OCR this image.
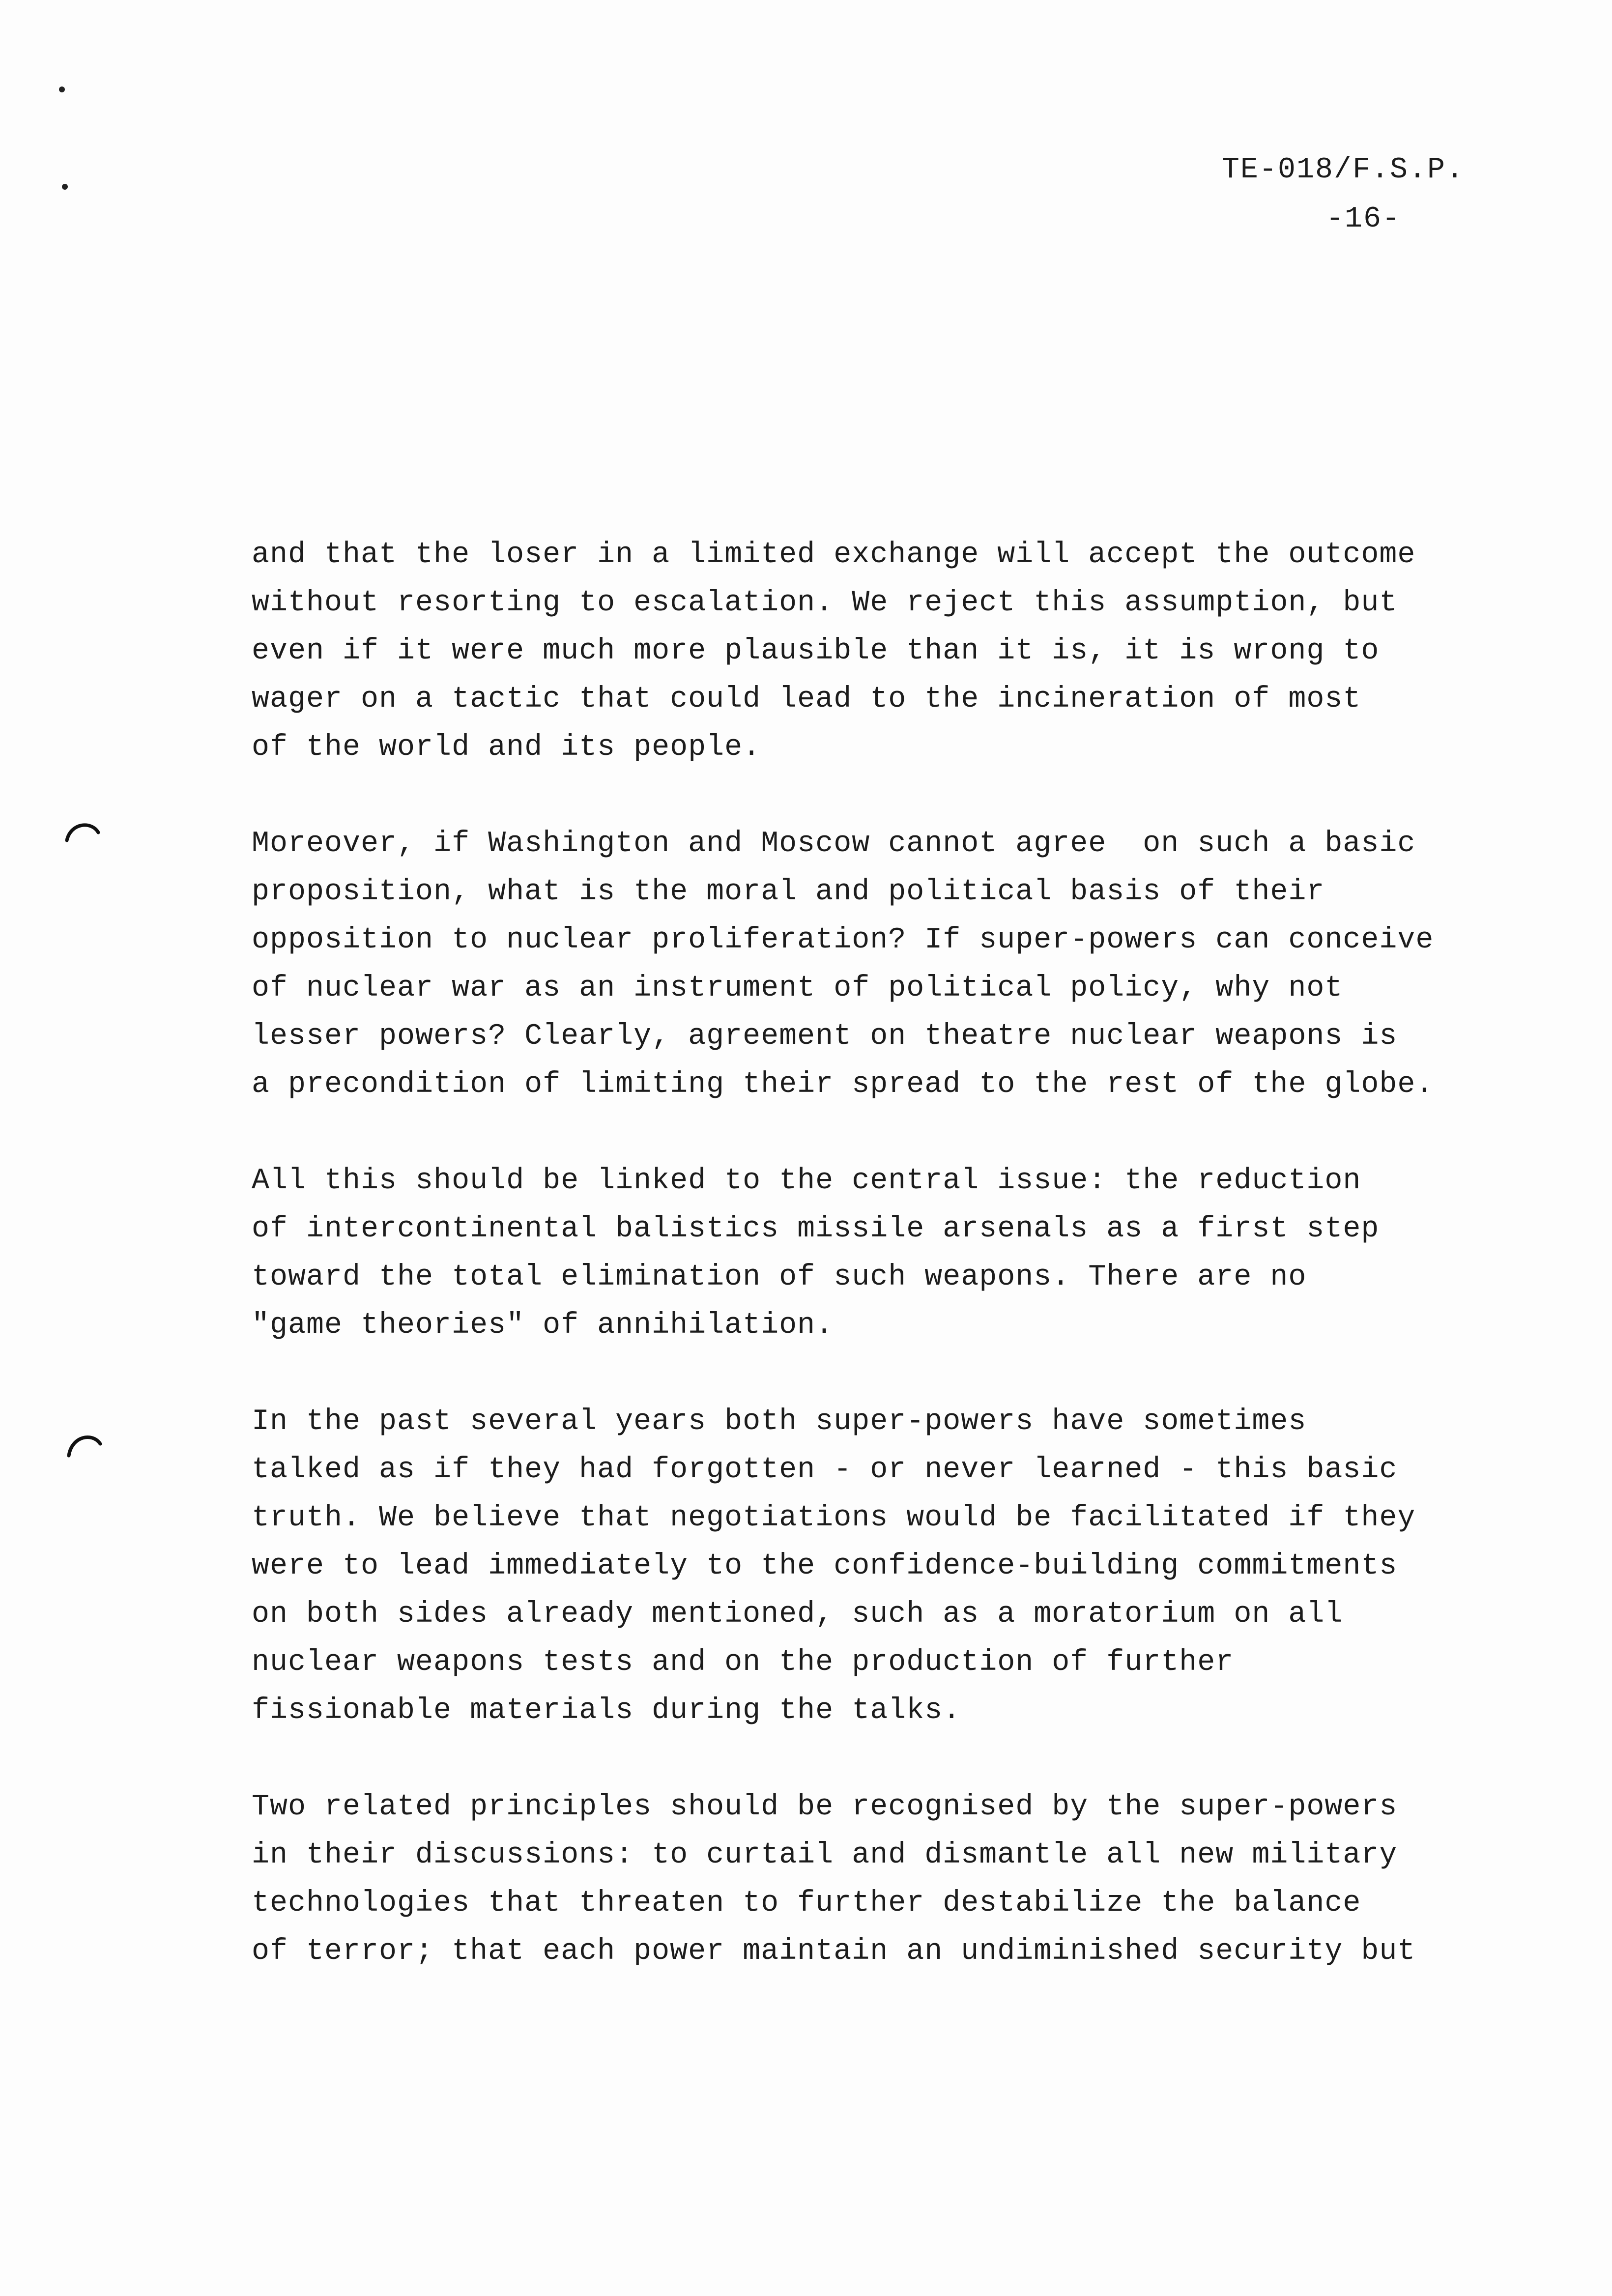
TE-018/F.S.P.
-16-
and that the loser in a limited exchange will accept the outcome
without resorting to escalation. We reject this assumption, but
even if it were much more plausible than it is, it is wrong to
wager on a tactic that could lead to the incineration of most
of the world and its people.
Moreover, if Washington and Moscow cannot agree  on such a basic
proposition, what is the moral and political basis of their
opposition to nuclear proliferation? If super-powers can conceive
of nuclear war as an instrument of political policy, why not
lesser powers? Clearly, agreement on theatre nuclear weapons is
a precondition of limiting their spread to the rest of the globe.
All this should be linked to the central issue: the reduction
of intercontinental balistics missile arsenals as a first step
toward the total elimination of such weapons. There are no
"game theories" of annihilation.
In the past several years both super-powers have sometimes
talked as if they had forgotten - or never learned - this basic
truth. We believe that negotiations would be facilitated if they
were to lead immediately to the confidence-building commitments
on both sides already mentioned, such as a moratorium on all
nuclear weapons tests and on the production of further
fissionable materials during the talks.
Two related principles should be recognised by the super-powers
in their discussions: to curtail and dismantle all new military
technologies that threaten to further destabilize the balance
of terror; that each power maintain an undiminished security but
